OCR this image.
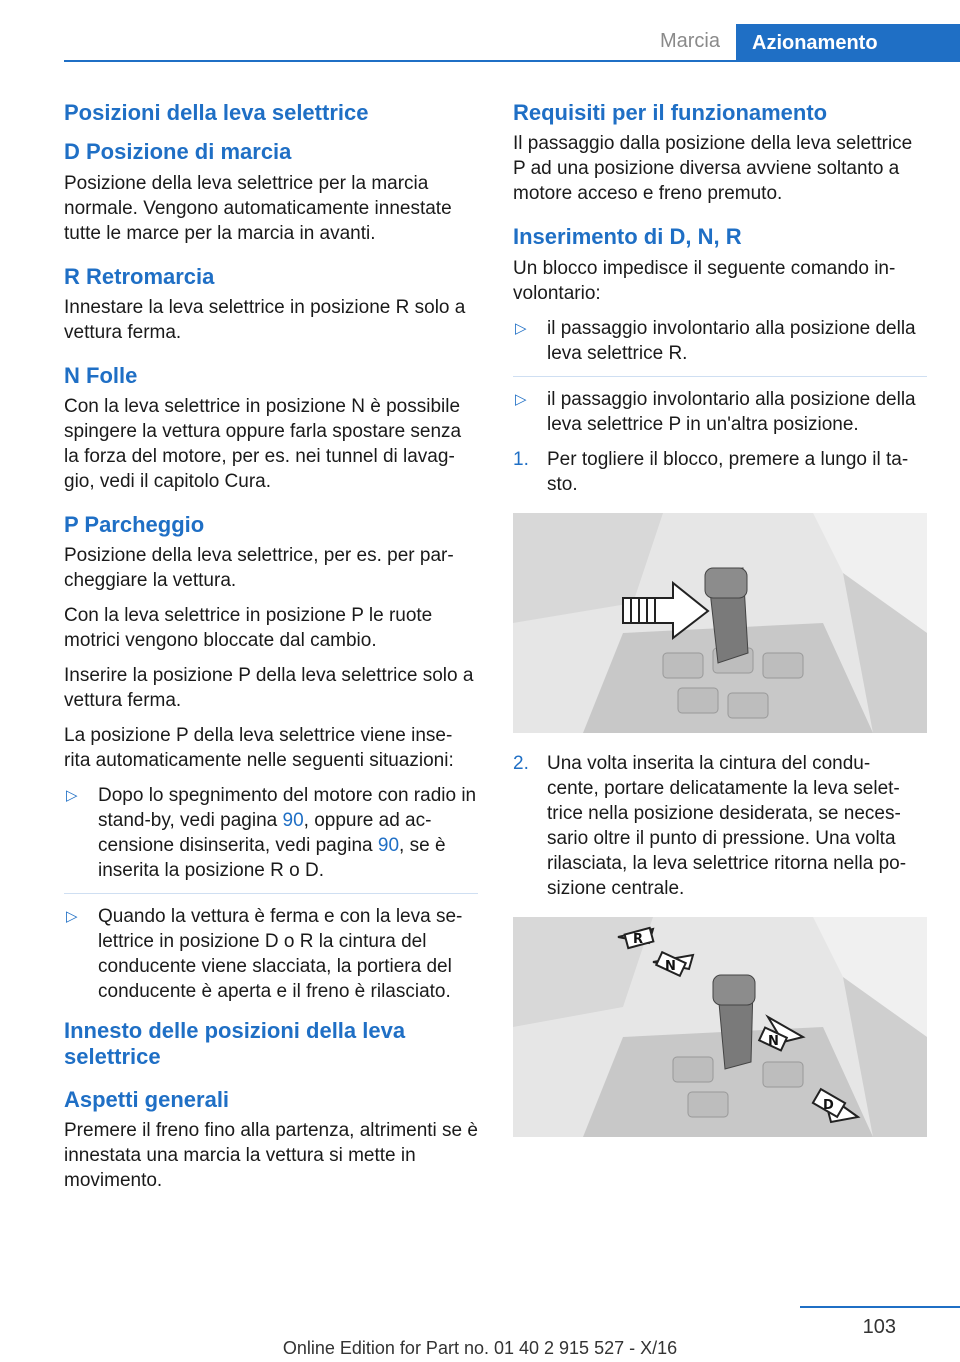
Marcia Azionamento
Posizioni della leva selettrice
D Posizione di marcia

Posizione della leva selettrice per la marcia normale. Vengono automaticamente innestate tutte le marce per la marcia in avanti.

R Retromarcia

Innestare la leva selettrice in posizione R solo a vettura ferma.

N Folle

Con la leva selettrice in posizione N è possibile spingere la vettura oppure farla spostare senza la forza del motore, per es. nei tunnel di lavag‐ gio, vedi il capitolo Cura.

P Parcheggio

Posizione della leva selettrice, per es. per par‐ cheggiare la vettura.

Con la leva selettrice in posizione P le ruote motrici vengono bloccate dal cambio.

Inserire la posizione P della leva selettrice solo a vettura ferma.

La posizione P della leva selettrice viene inse‐ rita automaticamente nelle seguenti situazioni:

▷ Dopo lo spegnimento del motore con radio in stand-by, vedi pagina 90, oppure ad ac‐ censione disinserita, vedi pagina 90, se è inserita la posizione R o D.
▷ Quando la vettura è ferma e con la leva se‐ lettrice in posizione D o R la cintura del conducente viene slacciata, la portiera del conducente è aperta e il freno è rilasciato.
Innesto delle posizioni della leva selettrice
Aspetti generali

Premere il freno fino alla partenza, altrimenti se è innestata una marcia la vettura si mette in movimento.

Requisiti per il funzionamento

Il passaggio dalla posizione della leva selettrice P ad una posizione diversa avviene soltanto a motore acceso e freno premuto.

Inserimento di D, N, R

Un blocco impedisce il seguente comando in‐ volontario:

▷ il passaggio involontario alla posizione della leva selettrice R.
▷ il passaggio involontario alla posizione della leva selettrice P in un'altra posizione.
1. Per togliere il blocco, premere a lungo il ta‐ sto.
2. Una volta inserita la cintura del condu‐ cente, portare delicatamente la leva selet‐ trice nella posizione desiderata, se neces‐ sario oltre il punto di pressione. Una volta rilasciata, la leva selettrice ritorna nella po‐ sizione centrale.
R
N
N
D
103
Online Edition for Part no. 01 40 2 915 527 - X/16
